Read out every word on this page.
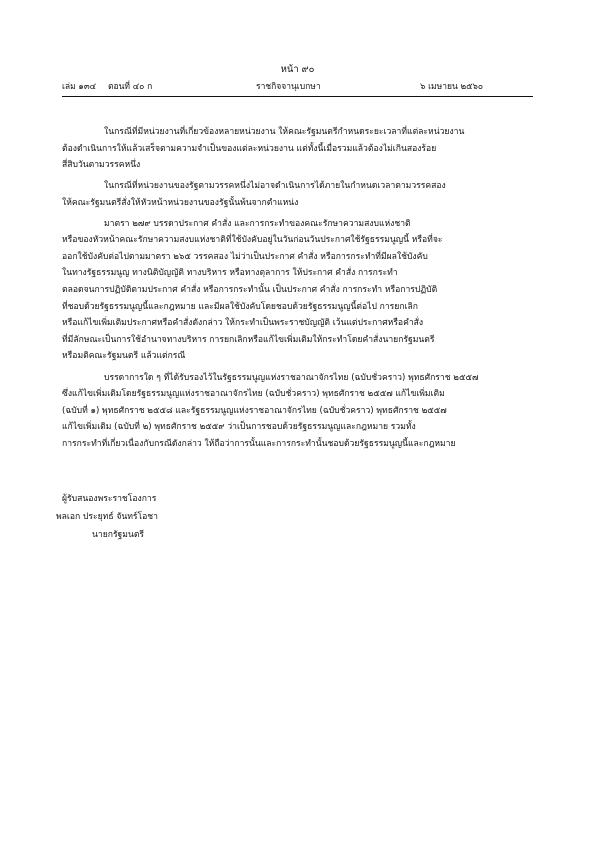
หน้า ๙๐
เล่ม ๑๓๔ ตอนที่ ๔๐ ก	ราชกิจจานุเบกษา	๖ เมษายน ๒๕๖๐
ในกรณีที่มีหน่วยงานที่เกี่ยวข้องหลายหน่วยงาน ให้คณะรัฐมนตรีกำหนดระยะเวลาที่แต่ละหน่วยงาน
ต้องดำเนินการให้แล้วเสร็จตามความจำเป็นของแต่ละหน่วยงาน แต่ทั้งนี้เมื่อรวมแล้วต้องไม่เกินสองร้อย
สี่สิบวันตามวรรคหนึ่ง
ในกรณีที่หน่วยงานของรัฐตามวรรคหนึ่งไม่อาจดำเนินการได้ภายในกำหนดเวลาตามวรรคสอง
ให้คณะรัฐมนตรีสั่งให้หัวหน้าหน่วยงานของรัฐนั้นพ้นจากตำแหน่ง
มาตรา ๒๗๙ บรรดาประกาศ คำสั่ง และการกระทำของคณะรักษาความสงบแห่งชาติ
หรือของหัวหน้าคณะรักษาความสงบแห่งชาติที่ใช้บังคับอยู่ในวันก่อนวันประกาศใช้รัฐธรรมนูญนี้ หรือที่จะ
ออกใช้บังคับต่อไปตามมาตรา ๒๖๕ วรรคสอง ไม่ว่าเป็นประกาศ คำสั่ง หรือการกระทำที่มีผลใช้บังคับ
ในทางรัฐธรรมนูญ ทางนิติบัญญัติ ทางบริหาร หรือทางตุลาการ ให้ประกาศ คำสั่ง การกระทำ
ตลอดจนการปฏิบัติตามประกาศ คำสั่ง หรือการกระทำนั้น เป็นประกาศ คำสั่ง การกระทำ หรือการปฏิบัติ
ที่ชอบด้วยรัฐธรรมนูญนี้และกฎหมาย และมีผลใช้บังคับโดยชอบด้วยรัฐธรรมนูญนี้ต่อไป การยกเลิก
หรือแก้ไขเพิ่มเติมประกาศหรือคำสั่งดังกล่าว ให้กระทำเป็นพระราชบัญญัติ เว้นแต่ประกาศหรือคำสั่ง
ที่มีลักษณะเป็นการใช้อำนาจทางบริหาร การยกเลิกหรือแก้ไขเพิ่มเติมให้กระทำโดยคำสั่งนายกรัฐมนตรี
หรือมติคณะรัฐมนตรี แล้วแต่กรณี
บรรดาการใด ๆ ที่ได้รับรองไว้ในรัฐธรรมนูญแห่งราชอาณาจักรไทย (ฉบับชั่วคราว) พุทธศักราช ๒๕๕๗
ซึ่งแก้ไขเพิ่มเติมโดยรัฐธรรมนูญแห่งราชอาณาจักรไทย (ฉบับชั่วคราว) พุทธศักราช ๒๕๕๗ แก้ไขเพิ่มเติม
(ฉบับที่ ๑) พุทธศักราช ๒๕๕๘ และรัฐธรรมนูญแห่งราชอาณาจักรไทย (ฉบับชั่วคราว) พุทธศักราช ๒๕๕๗
แก้ไขเพิ่มเติม (ฉบับที่ ๒) พุทธศักราช ๒๕๕๙ ว่าเป็นการชอบด้วยรัฐธรรมนูญและกฎหมาย รวมทั้ง
การกระทำที่เกี่ยวเนื่องกับกรณีดังกล่าว ให้ถือว่าการนั้นและการกระทำนั้นชอบด้วยรัฐธรรมนูญนี้และกฎหมาย
ผู้รับสนองพระราชโองการ
พลเอก ประยุทธ์ จันทร์โอชา
นายกรัฐมนตรี
